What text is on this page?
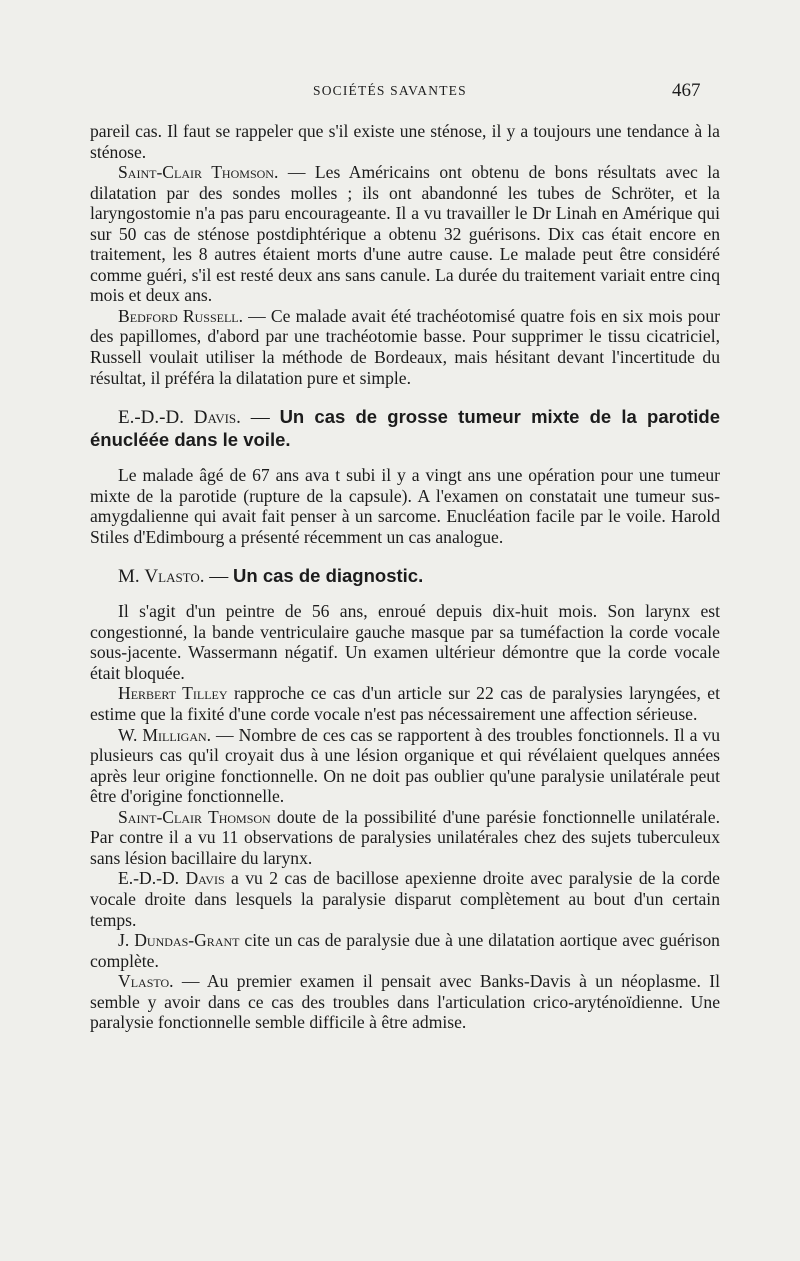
SOCIÉTÉS SAVANTES	467

pareil cas. Il faut se rappeler que s'il existe une sténose, il y a toujours une tendance à la sténose.

Saint-Clair Thomson. — Les Américains ont obtenu de bons résultats avec la dilatation par des sondes molles ; ils ont abandonné les tubes de Schröter, et la laryngostomie n'a pas paru encourageante. Il a vu travailler le Dr Linah en Amérique qui sur 50 cas de sténose postdiphtérique a obtenu 32 guérisons. Dix cas était encore en traitement, les 8 autres étaient morts d'une autre cause. Le malade peut être considéré comme guéri, s'il est resté deux ans sans canule. La durée du traitement variait entre cinq mois et deux ans.

Bedford Russell. — Ce malade avait été trachéotomisé quatre fois en six mois pour des papillomes, d'abord par une trachéotomie basse. Pour supprimer le tissu cicatriciel, Russell voulait utiliser la méthode de Bordeaux, mais hésitant devant l'incertitude du résultat, il préféra la dilatation pure et simple.

E.-D.-D. Davis. — Un cas de grosse tumeur mixte de la parotide énucléée dans le voile.

Le malade âgé de 67 ans ava t subi il y a vingt ans une opération pour une tumeur mixte de la parotide (rupture de la capsule). A l'examen on constatait une tumeur sus-amygdalienne qui avait fait penser à un sarcome. Enucléation facile par le voile. Harold Stiles d'Edimbourg a présenté récemment un cas analogue.

M. Vlasto. — Un cas de diagnostic.

Il s'agit d'un peintre de 56 ans, enroué depuis dix-huit mois. Son larynx est congestionné, la bande ventriculaire gauche masque par sa tuméfaction la corde vocale sous-jacente. Wassermann négatif. Un examen ultérieur démontre que la corde vocale était bloquée.

Herbert Tilley rapproche ce cas d'un article sur 22 cas de paralysies laryngées, et estime que la fixité d'une corde vocale n'est pas nécessairement une affection sérieuse.

W. Milligan. — Nombre de ces cas se rapportent à des troubles fonctionnels. Il a vu plusieurs cas qu'il croyait dus à une lésion organique et qui révélaient quelques années après leur origine fonctionnelle. On ne doit pas oublier qu'une paralysie unilatérale peut être d'origine fonctionnelle.

Saint-Clair Thomson doute de la possibilité d'une parésie fonctionnelle unilatérale. Par contre il a vu 11 observations de paralysies unilatérales chez des sujets tuberculeux sans lésion bacillaire du larynx.

E.-D.-D. Davis a vu 2 cas de bacillose apexienne droite avec paralysie de la corde vocale droite dans lesquels la paralysie disparut complètement au bout d'un certain temps.

J. Dundas-Grant cite un cas de paralysie due à une dilatation aortique avec guérison complète.

Vlasto. — Au premier examen il pensait avec Banks-Davis à un néoplasme. Il semble y avoir dans ce cas des troubles dans l'articulation crico-aryténoïdienne. Une paralysie fonctionnelle semble difficile à être admise.
